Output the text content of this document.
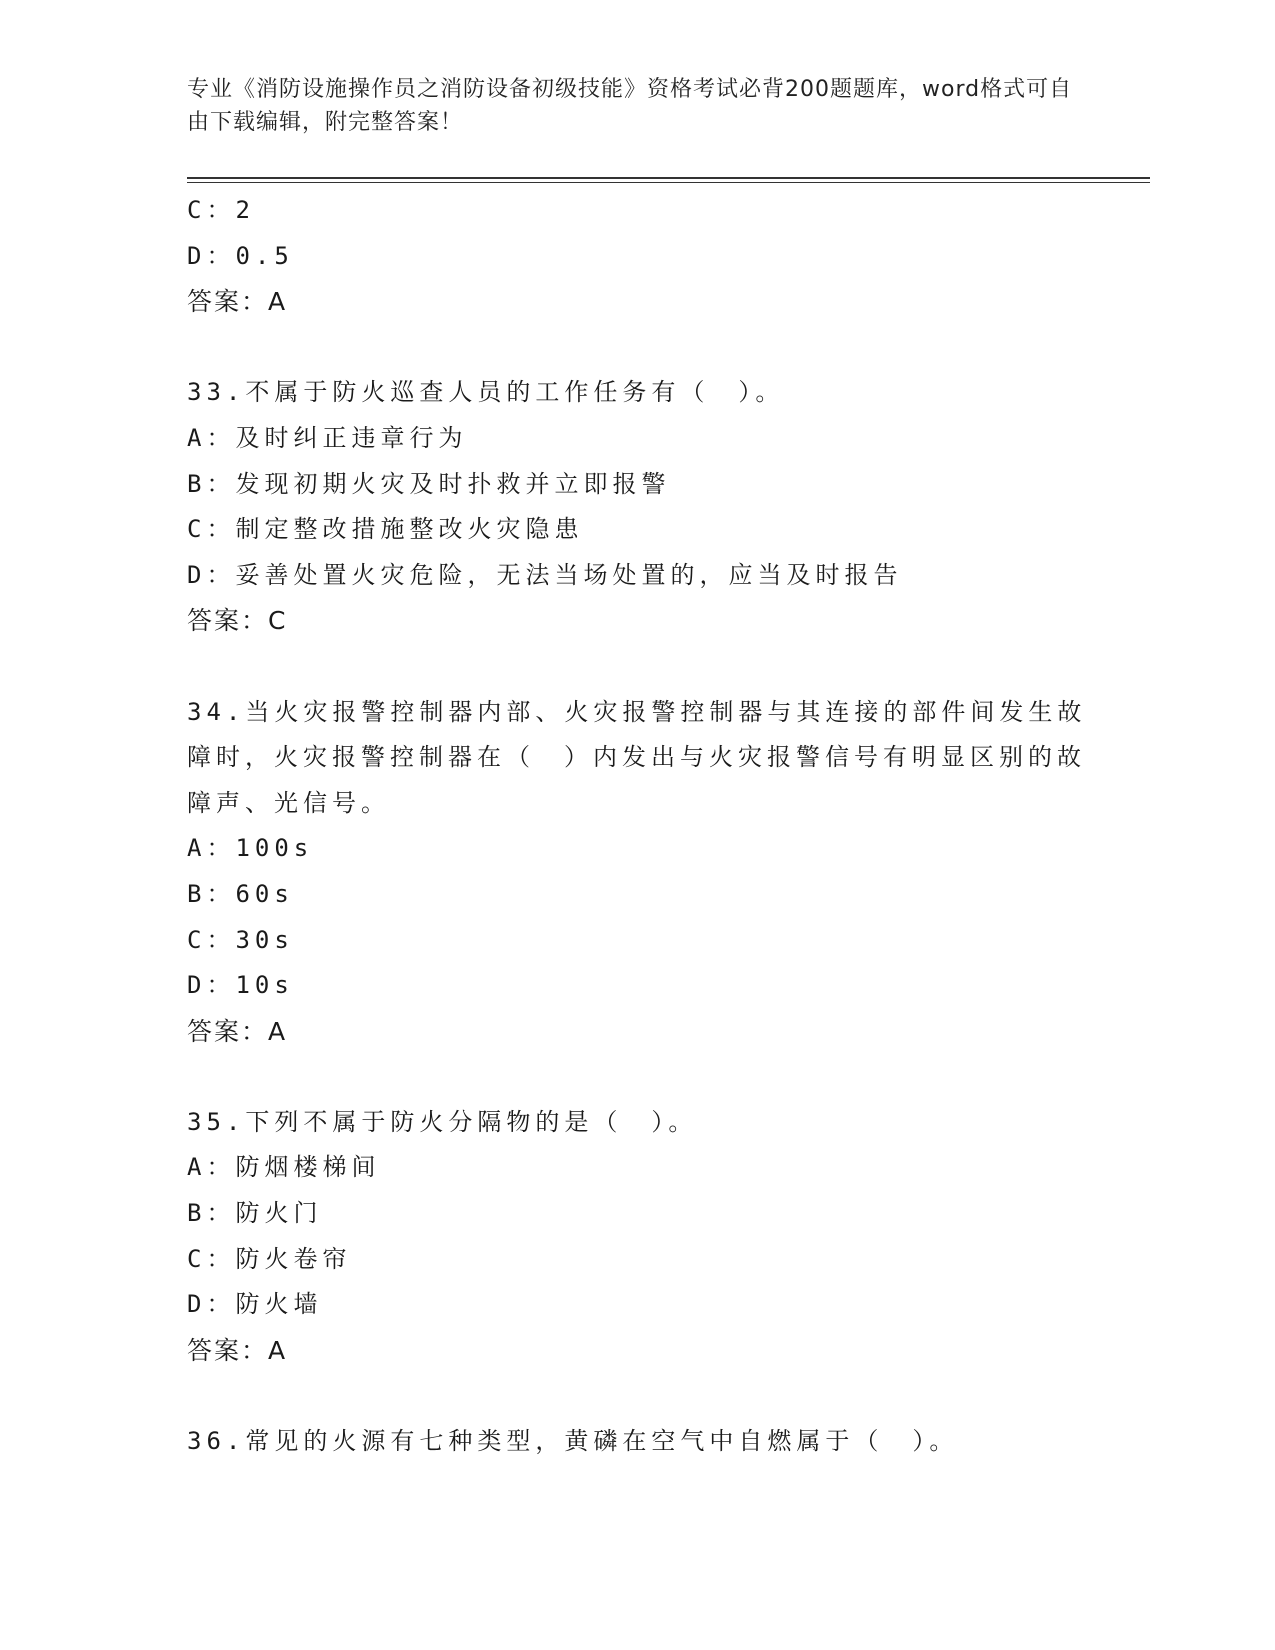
专业《消防设施操作员之消防设备初级技能》资格考试必背200题题库，word格式可自由下载编辑，附完整答案！
C：2
D：0.5
答案：A
33.不属于防火巡查人员的工作任务有（　）。
A：及时纠正违章行为
B：发现初期火灾及时扑救并立即报警
C：制定整改措施整改火灾隐患
D：妥善处置火灾危险，无法当场处置的，应当及时报告
答案：C
34.当火灾报警控制器内部、火灾报警控制器与其连接的部件间发生故障时，火灾报警控制器在（　）内发出与火灾报警信号有明显区别的故障声、光信号。
A：100s
B：60s
C：30s
D：10s
答案：A
35.下列不属于防火分隔物的是（　）。
A：防烟楼梯间
B：防火门
C：防火卷帘
D：防火墙
答案：A
36.常见的火源有七种类型，黄磷在空气中自燃属于（　）。
